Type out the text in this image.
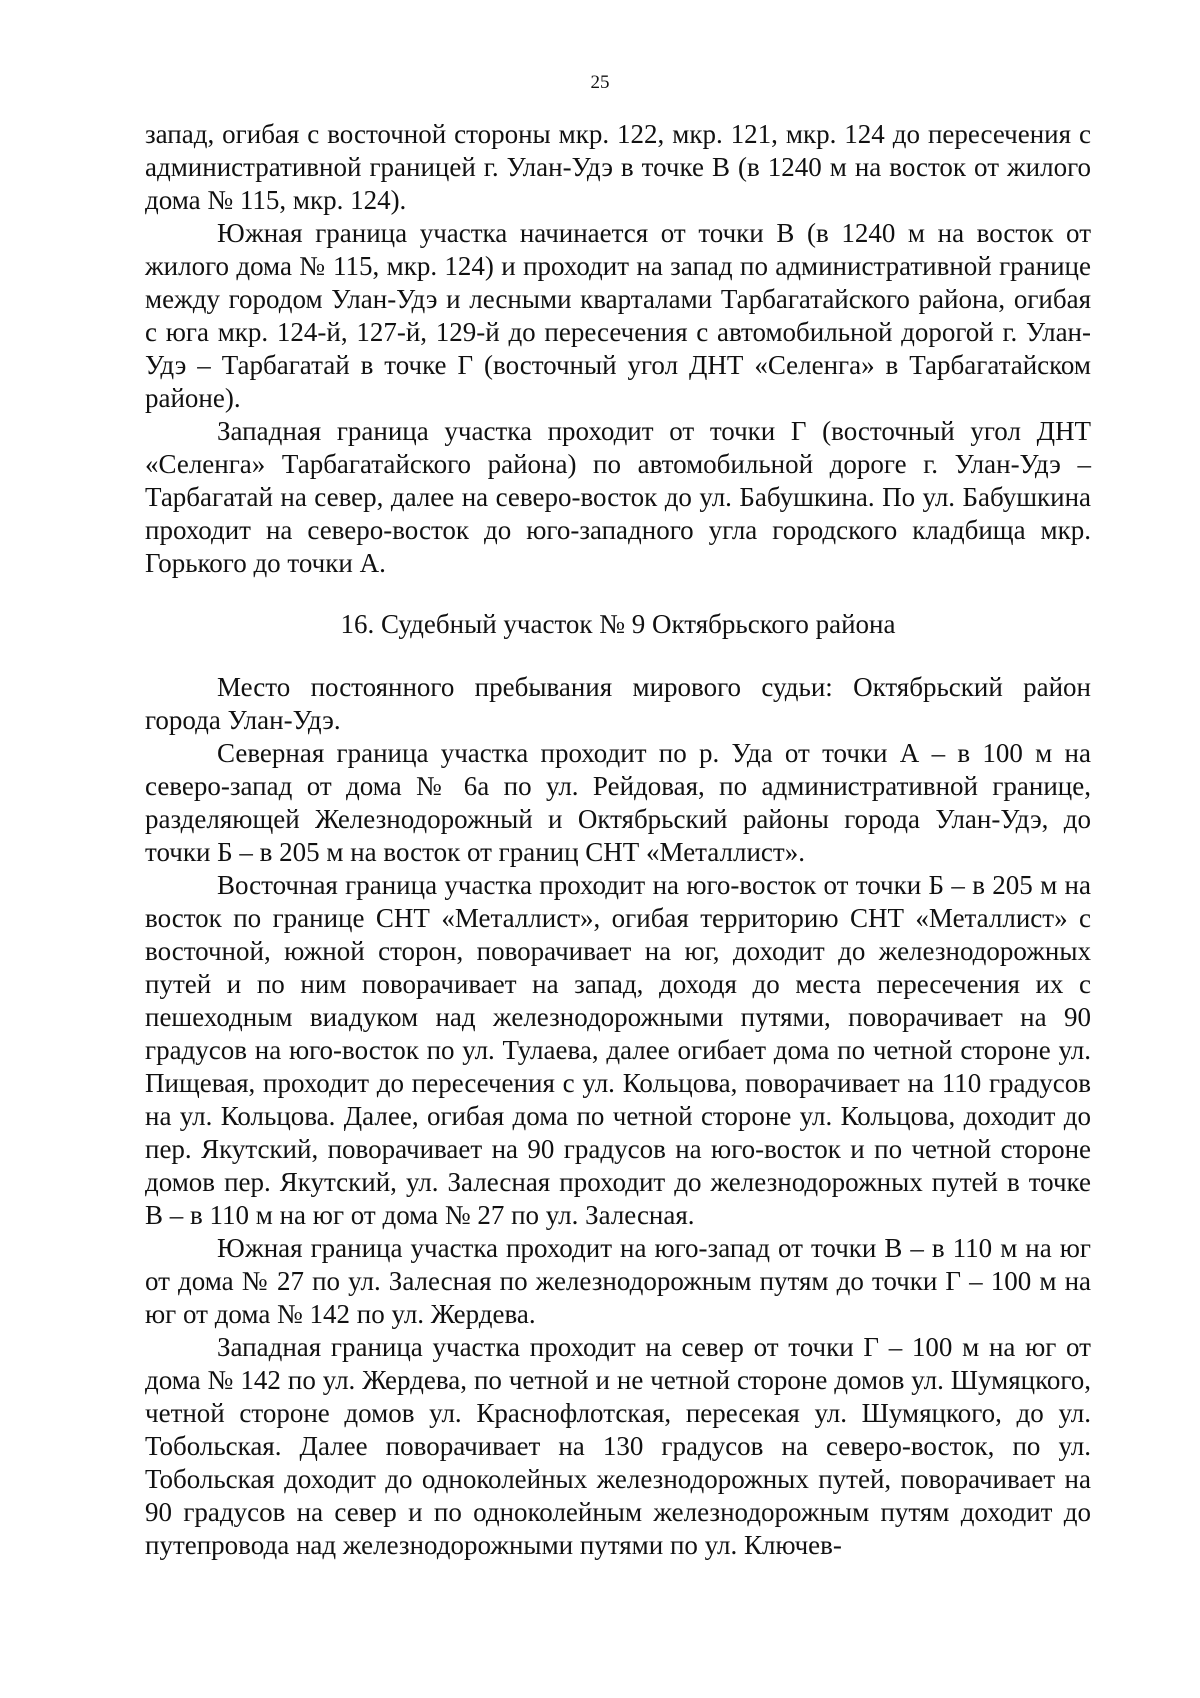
25

запад, огибая с восточной стороны мкр. 122, мкр. 121, мкр. 124 до пересечения с административной границей г. Улан-Удэ в точке В (в 1240 м на восток от жилого дома № 115, мкр. 124).

Южная граница участка начинается от точки В (в 1240 м на восток от жилого дома № 115, мкр. 124) и проходит на запад по административной границе между городом Улан-Удэ и лесными кварталами Тарбагатайского района, огибая с юга мкр. 124-й, 127-й, 129-й до пересечения с автомобильной дорогой г. Улан-Удэ – Тарбагатай в точке Г (восточный угол ДНТ «Селенга» в Тарбагатайском районе).

Западная граница участка проходит от точки Г (восточный угол ДНТ «Селенга» Тарбагатайского района) по автомобильной дороге г. Улан-Удэ – Тарбагатай на север, далее на северо-восток до ул. Бабушкина. По ул. Бабушкина проходит на северо-восток до юго-западного угла городского кладбища мкр. Горького до точки А.

16. Судебный участок № 9 Октябрьского района

Место постоянного пребывания мирового судьи: Октябрьский район города Улан-Удэ.

Северная граница участка проходит по р. Уда от точки А – в 100 м на северо-запад от дома № 6а по ул. Рейдовая, по административной границе, разделяющей Железнодорожный и Октябрьский районы города Улан-Удэ, до точки Б – в 205 м на восток от границ СНТ «Металлист».

Восточная граница участка проходит на юго-восток от точки Б – в 205 м на восток по границе СНТ «Металлист», огибая территорию СНТ «Металлист» с восточной, южной сторон, поворачивает на юг, доходит до железнодорожных путей и по ним поворачивает на запад, доходя до места пересечения их с пешеходным виадуком над железнодорожными путями, поворачивает на 90 градусов на юго-восток по ул. Тулаева, далее огибает дома по четной стороне ул. Пищевая, проходит до пересечения с ул. Кольцова, поворачивает на 110 градусов на ул. Кольцова. Далее, огибая дома по четной стороне ул. Кольцова, доходит до пер. Якутский, поворачивает на 90 градусов на юго-восток и по четной стороне домов пер. Якутский, ул. Залесная проходит до железнодорожных путей в точке В – в 110 м на юг от дома № 27 по ул. Залесная.

Южная граница участка проходит на юго-запад от точки В – в 110 м на юг от дома № 27 по ул. Залесная по железнодорожным путям до точки Г – 100 м на юг от дома № 142 по ул. Жердева.

Западная граница участка проходит на север от точки Г – 100 м на юг от дома № 142 по ул. Жердева, по четной и не четной стороне домов ул. Шумяцкого, четной стороне домов ул. Краснофлотская, пересекая ул. Шумяцкого, до ул. Тобольская. Далее поворачивает на 130 градусов на северо-восток, по ул. Тобольская доходит до одноколейных железнодорожных путей, поворачивает на 90 градусов на север и по одноколейным железнодорожным путям доходит до путепровода над железнодорожными путями по ул. Ключев-
